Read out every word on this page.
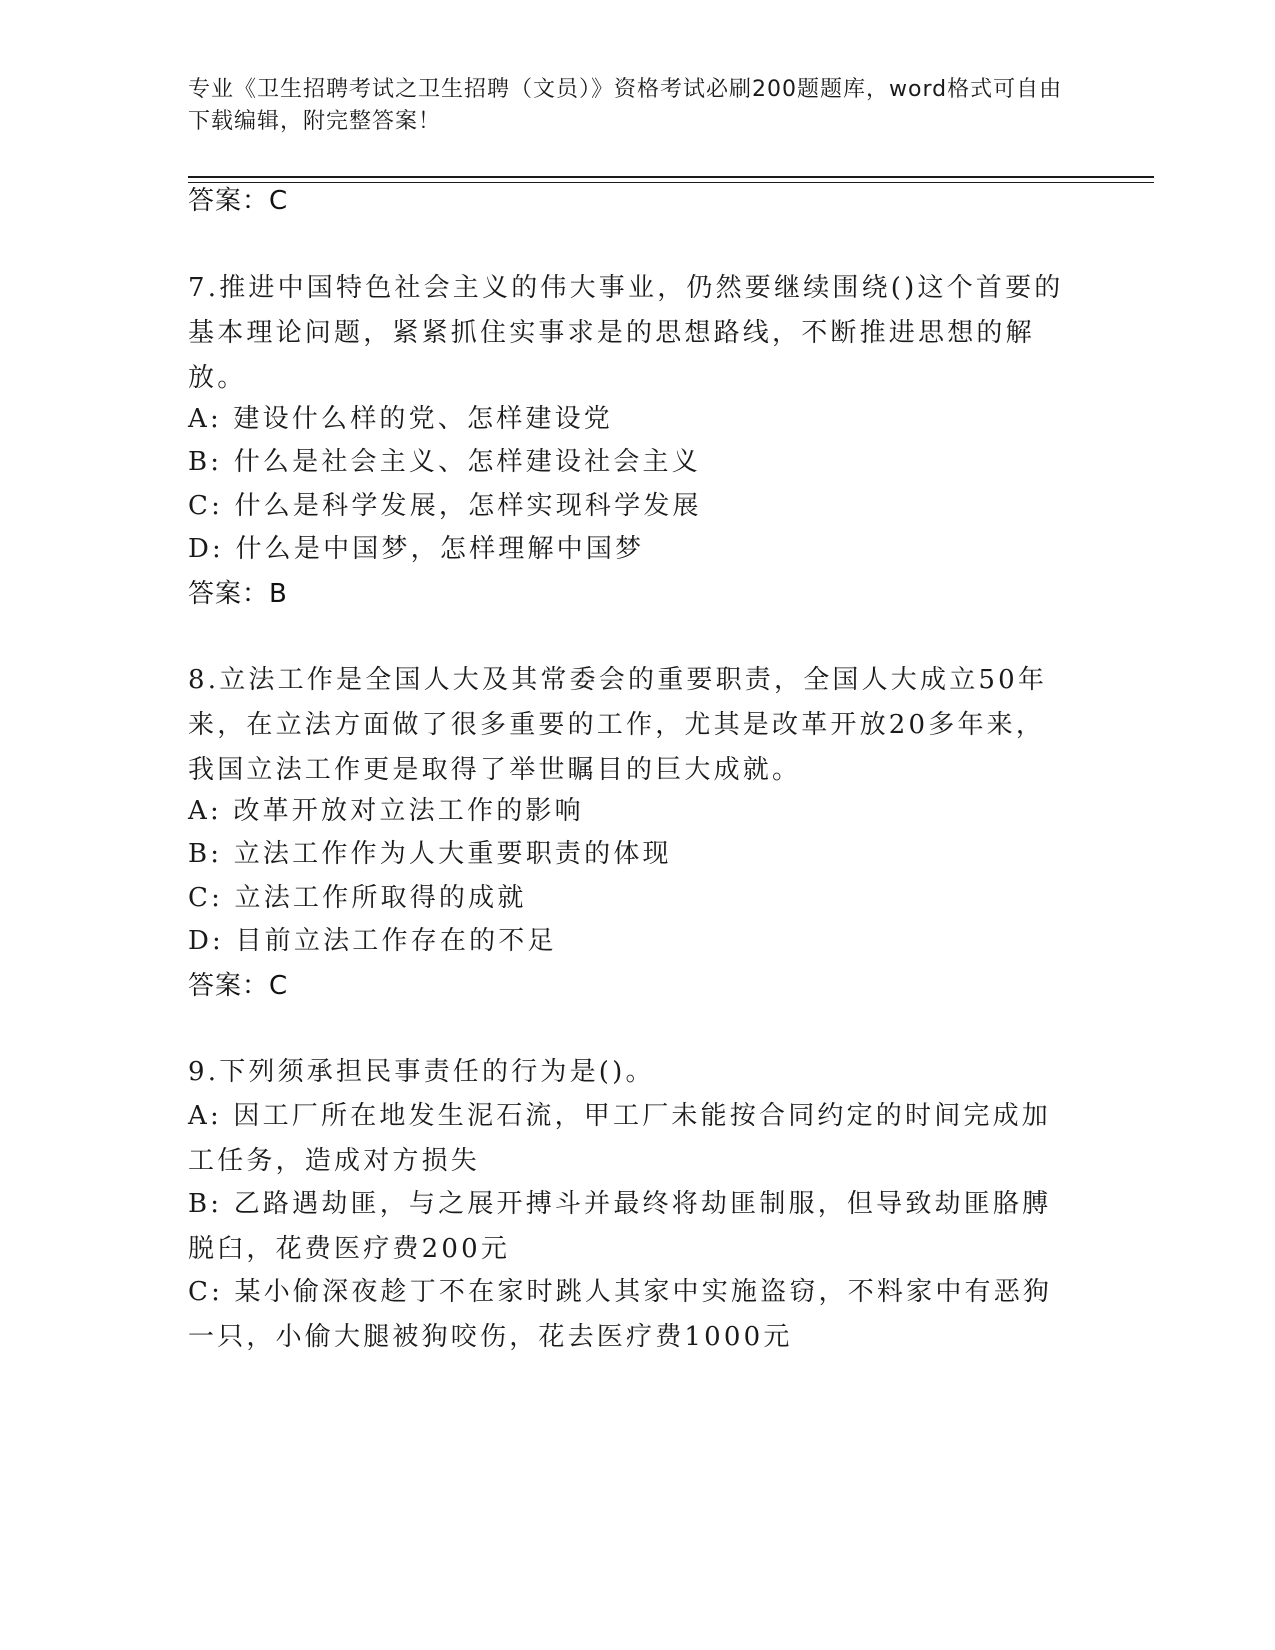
专业《卫生招聘考试之卫生招聘（文员）》资格考试必刷200题题库，word格式可自由下载编辑，附完整答案！
答案：C
7.推进中国特色社会主义的伟大事业，仍然要继续围绕()这个首要的基本理论问题，紧紧抓住实事求是的思想路线，不断推进思想的解放。
A: 建设什么样的党、怎样建设党
B: 什么是社会主义、怎样建设社会主义
C: 什么是科学发展，怎样实现科学发展
D: 什么是中国梦，怎样理解中国梦
答案：B
8.立法工作是全国人大及其常委会的重要职责，全国人大成立50年来，在立法方面做了很多重要的工作，尤其是改革开放20多年来，我国立法工作更是取得了举世瞩目的巨大成就。
A: 改革开放对立法工作的影响
B: 立法工作作为人大重要职责的体现
C: 立法工作所取得的成就
D: 目前立法工作存在的不足
答案：C
9.下列须承担民事责任的行为是()。
A: 因工厂所在地发生泥石流，甲工厂未能按合同约定的时间完成加工任务，造成对方损失
B: 乙路遇劫匪，与之展开搏斗并最终将劫匪制服，但导致劫匪胳膊脱臼，花费医疗费200元
C: 某小偷深夜趁丁不在家时跳人其家中实施盗窃，不料家中有恶狗一只，小偷大腿被狗咬伤，花去医疗费1000元
